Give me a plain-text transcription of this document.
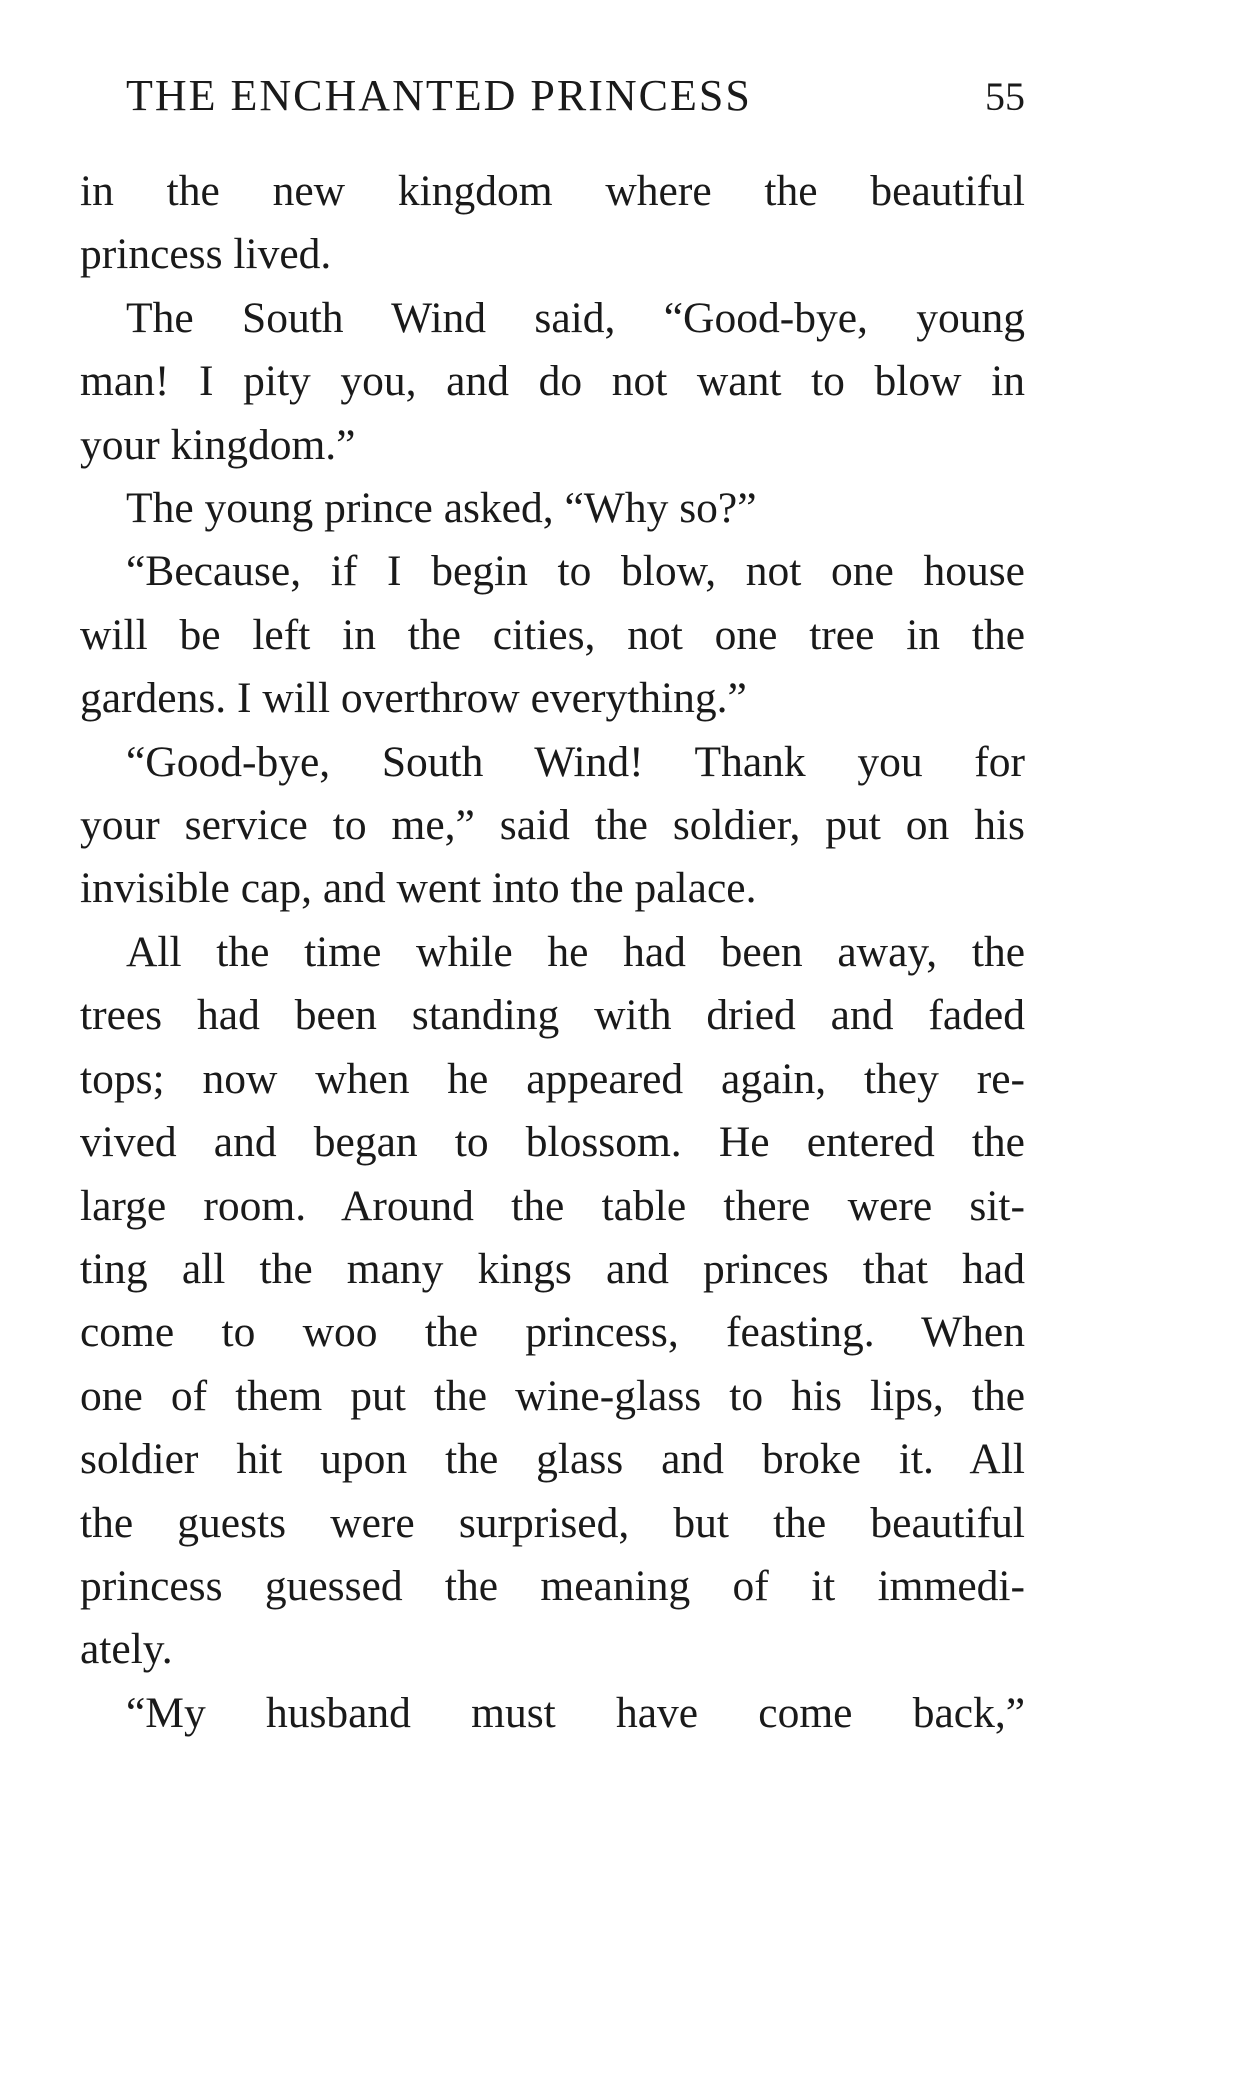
THE ENCHANTED PRINCESS	55

in the new kingdom where the beautiful
princess lived.

The South Wind said, “Good-bye, young
man! I pity you, and do not want to blow in
your kingdom.”

The young prince asked, “Why so?”

“Because, if I begin to blow, not one house
will be left in the cities, not one tree in the
gardens. I will overthrow everything.”

“Good-bye, South Wind! Thank you for
your service to me,” said the soldier, put on his
invisible cap, and went into the palace.

All the time while he had been away, the
trees had been standing with dried and faded
tops; now when he appeared again, they re-
vived and began to blossom. He entered the
large room. Around the table there were sit-
ting all the many kings and princes that had
come to woo the princess, feasting. When
one of them put the wine-glass to his lips, the
soldier hit upon the glass and broke it. All
the guests were surprised, but the beautiful
princess guessed the meaning of it immedi-
ately.

“My husband must have come back,”
